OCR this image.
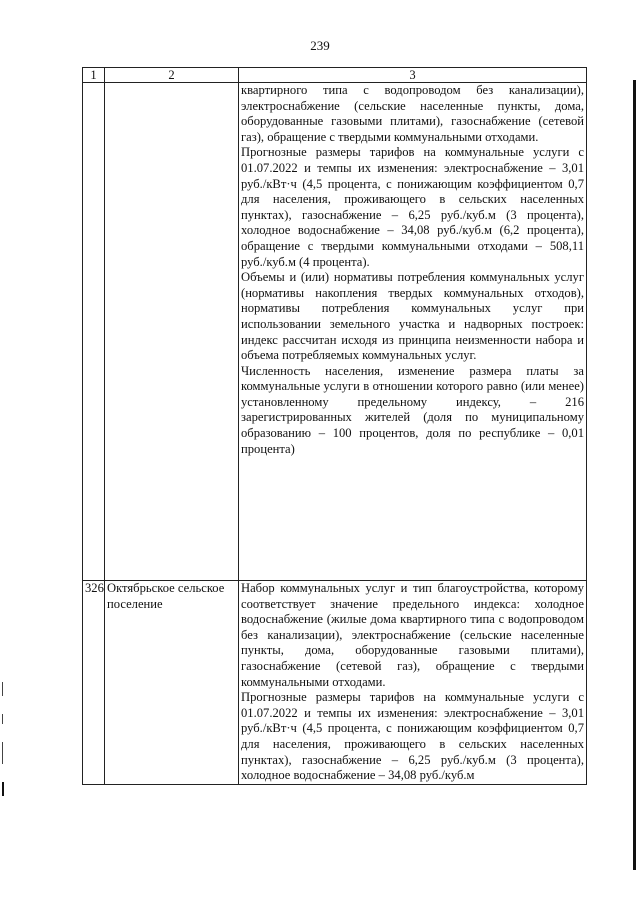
239
1	2	3

		квартирного типа с водопроводом без канализации), электроснабжение (сельские населенные пункты, дома, оборудованные газовыми плитами), газоснабжение (сетевой газ), обращение с твердыми коммунальными отходами.

Прогнозные размеры тарифов на коммунальные услуги с 01.07.2022 и темпы их изменения: электроснабжение – 3,01 руб./кВт·ч (4,5 процента, с понижающим коэффициентом 0,7 для населения, проживающего в сельских населенных пунктах), газоснабжение – 6,25 руб./куб.м (3 процента), холодное водоснабжение – 34,08 руб./куб.м (6,2 процента), обращение с твердыми коммунальными отходами – 508,11 руб./куб.м (4 процента).

Объемы и (или) нормативы потребления коммунальных услуг (нормативы накопления твердых коммунальных отходов), нормативы потребления коммунальных услуг при использовании земельного участка и надворных построек: индекс рассчитан исходя из принципа неизменности набора и объема потребляемых коммунальных услуг.

Численность населения, изменение размера платы за коммунальные услуги в отношении которого равно (или менее) установленному предельному индексу, – 216 зарегистрированных жителей (доля по муниципальному образованию – 100 процентов, доля по республике – 0,01 процента)

326	Октябрьское сельское поселение	Набор коммунальных услуг и тип благоустройства, которому соответствует значение предельного индекса: холодное водоснабжение (жилые дома квартирного типа с водопроводом без канализации), электроснабжение (сельские населенные пункты, дома, оборудованные газовыми плитами), газоснабжение (сетевой газ), обращение с твердыми коммунальными отходами.

Прогнозные размеры тарифов на коммунальные услуги с 01.07.2022 и темпы их изменения: электроснабжение – 3,01 руб./кВт·ч (4,5 процента, с понижающим коэффициентом 0,7 для населения, проживающего в сельских населенных пунктах), газоснабжение – 6,25 руб./куб.м (3 процента), холодное водоснабжение – 34,08 руб./куб.м
